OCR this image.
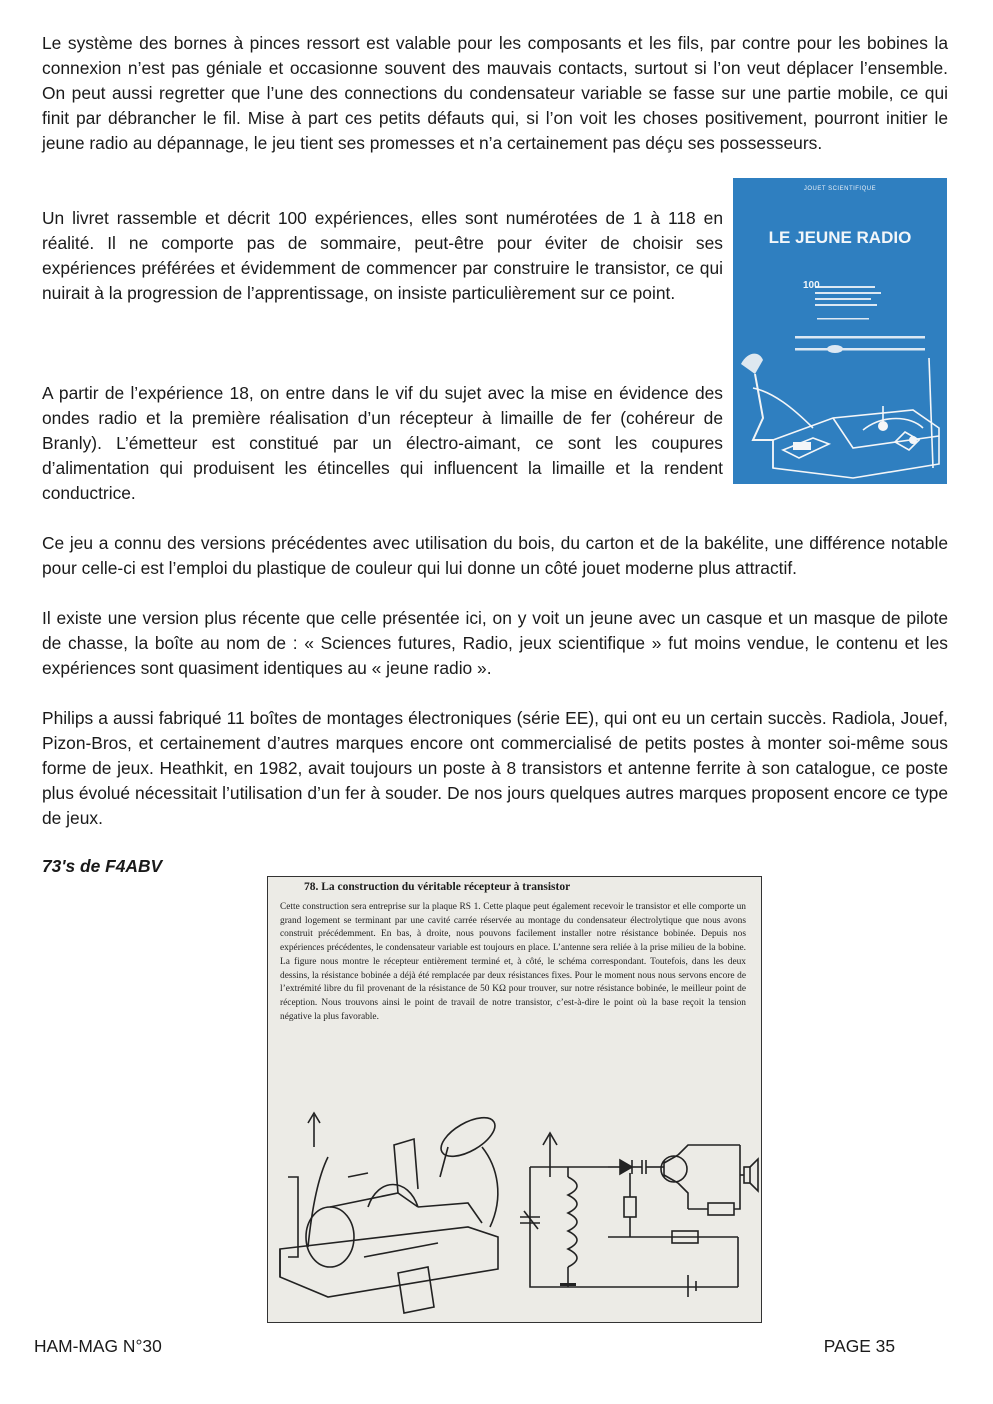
Le système des bornes à pinces ressort est valable pour les composants et les fils, par contre pour les bobines la connexion n’est pas géniale et occasionne souvent des mauvais contacts, surtout si l’on veut déplacer l’ensemble. On peut aussi regretter que l’une des connections du condensateur variable se fasse sur une partie mobile, ce qui finit par débrancher le fil. Mise à part ces petits défauts qui, si l’on voit les choses positivement, pourront initier le jeune radio au dépannage, le jeu tient ses promesses et n’a certainement pas déçu ses possesseurs.

Un livret rassemble et décrit 100 expériences, elles sont numérotées de 1 à 118 en réalité. Il ne comporte pas de sommaire, peut-être pour éviter de choisir ses expériences préférées et évidemment de commencer par construire le transistor, ce qui nuirait à la progression de l’apprentissage, on insiste particulièrement sur ce point.

A partir de l’expérience 18, on entre dans le vif du sujet avec la mise en évidence des ondes radio et la première réalisation d’un récepteur à limaille de fer (cohéreur de Branly). L’émetteur est constitué par un électro-aimant, ce sont les coupures d’alimentation qui produisent les étincelles qui influencent la limaille et la rendent conductrice.

Ce jeu a connu des versions précédentes avec utilisation du bois, du carton et de la bakélite, une différence notable pour celle-ci est l’emploi du plastique de couleur qui lui donne un côté jouet moderne plus attractif.

Il existe une version plus récente que celle présentée ici, on y voit un jeune avec un casque et un masque de pilote de chasse, la boîte au nom de : « Sciences futures, Radio, jeux scientifique » fut moins vendue, le contenu et les expériences sont quasiment identiques au « jeune radio ».

Philips a aussi fabriqué 11 boîtes de montages électroniques (série EE), qui ont eu un certain succès. Radiola, Jouef, Pizon-Bros, et certainement d’autres marques encore ont commercialisé de petits postes à monter soi-même sous forme de jeux. Heathkit, en 1982, avait toujours un poste à 8 transistors et antenne ferrite à son catalogue, ce poste plus évolué nécessitait l’utilisation d’un fer à souder. De nos jours quelques autres marques proposent encore ce type de jeux.

73's de F4ABV

JOUET SCIENTIFIQUE
LE JEUNE RADIO
100

78. La construction du véritable récepteur à transistor

Cette construction sera entreprise sur la plaque RS 1. Cette plaque peut également recevoir le transistor et elle comporte un grand logement se terminant par une cavité carrée réservée au montage du condensateur électrolytique que nous avons construit précédemment. En bas, à droite, nous pouvons facilement installer notre résistance bobinée. Depuis nos expériences précédentes, le condensateur variable est toujours en place. L’antenne sera reliée à la prise milieu de la bobine. La figure nous montre le récepteur entièrement terminé et, à côté, le schéma correspondant. Toutefois, dans les deux dessins, la résistance bobinée a déjà été remplacée par deux résistances fixes. Pour le moment nous nous servons encore de l’extrémité libre du fil provenant de la résistance de 50 KΩ pour trouver, sur notre résistance bobinée, le meilleur point de réception. Nous trouvons ainsi le point de travail de notre transistor, c’est-à-dire le point où la base reçoit la tension négative la plus favorable.

HAM-MAG N°30	PAGE 35
